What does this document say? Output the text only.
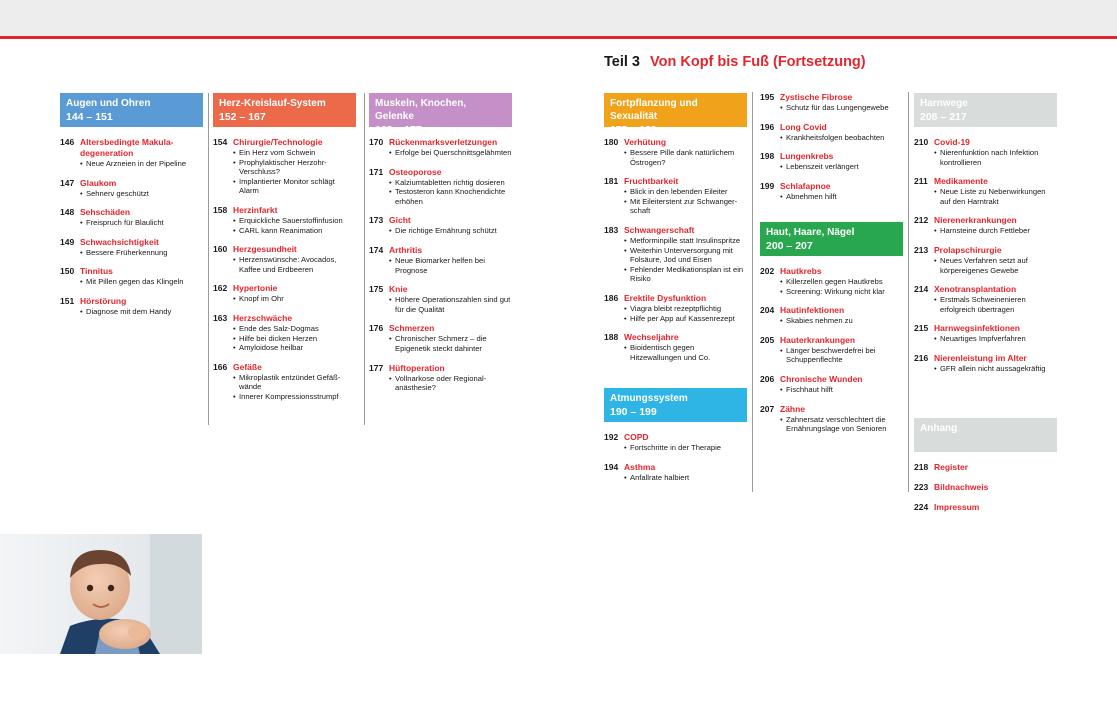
Teil 3 Von Kopf bis Fuß (Fortsetzung)
Augen und Ohren
144 – 151
146 Altersbedingte Makula-degeneration
• Neue Arzneien in der Pipeline
147 Glaukom
• Sehnerv geschützt
148 Sehschäden
• Freispruch für Blaulicht
149 Schwachsichtigkeit
• Bessere Früherkennung
150 Tinnitus
• Mit Pillen gegen das Klingeln
151 Hörstörung
• Diagnose mit dem Handy
Herz-Kreislauf-System
152 – 167
154 Chirurgie/Technologie
• Ein Herz vom Schwein
• Prophylaktischer Herzohr-Verschluss?
• Implantierter Monitor schlägt Alarm
158 Herzinfarkt
• Erquickliche Sauerstoffinfusion
• CARL kann Reanimation
160 Herzgesundheit
• Herzenswünsche: Avocados, Kaffee und Erdbeeren
162 Hypertonie
• Knopf im Ohr
163 Herzschwäche
• Ende des Salz-Dogmas
• Hilfe bei dicken Herzen
• Amyloidose heilbar
166 Gefäße
• Mikroplastik entzündet Gefäß-wände
• Innerer Kompressionsstrumpf
Muskeln, Knochen, Gelenke
168 – 177
170 Rückenmarksverletzungen
• Erfolge bei Querschnittsgelähmten
171 Osteoporose
• Kalziumtabletten richtig dosieren
• Testosteron kann Knochendichte erhöhen
173 Gicht
• Die richtige Ernährung schützt
174 Arthritis
• Neue Biomarker helfen bei Prognose
175 Knie
• Höhere Operationszahlen sind gut für die Qualität
176 Schmerzen
• Chronischer Schmerz – die Epigenetik steckt dahinter
177 Hüftoperation
• Vollnarkose oder Regional-anästhesie?
Fortpflanzung und Sexualität
178 – 189
180 Verhütung
• Bessere Pille dank natürlichem Östrogen?
181 Fruchtbarkeit
• Blick in den lebenden Eileiter
• Mit Eileiterstent zur Schwanger-schaft
183 Schwangerschaft
• Metforminpille statt Insulinspritze
• Weiterhin Unterversorgung mit Folsäure, Jod und Eisen
• Fehlender Medikationsplan ist ein Risiko
186 Erektile Dysfunktion
• Viagra bleibt rezeptpflichtig
• Hilfe per App auf Kassenrezept
188 Wechseljahre
• Bioidentisch gegen Hitzewallungen und Co.
Atmungssystem
190 – 199
192 COPD
• Fortschritte in der Therapie
194 Asthma
• Anfallrate halbiert
195 Zystische Fibrose
• Schutz für das Lungengewebe
196 Long Covid
• Krankheitsfolgen beobachten
198 Lungenkrebs
• Lebenszeit verlängert
199 Schlafapnoe
• Abnehmen hilft
Haut, Haare, Nägel
200 – 207
202 Hautkrebs
• Killerzellen gegen Hautkrebs
• Screening: Wirkung nicht klar
204 Hautinfektionen
• Skabies nehmen zu
205 Hauterkrankungen
• Länger beschwerdefrei bei Schuppenflechte
206 Chronische Wunden
• Fischhaut hilft
207 Zähne
• Zahnersatz verschlechtert die Ernährungslage von Senioren
Harnwege
208 – 217
210 Covid-19
• Nierenfunktion nach Infektion kontrollieren
211 Medikamente
• Neue Liste zu Nebenwirkungen auf den Harntrakt
212 Nierenerkrankungen
• Harnsteine durch Fettleber
213 Prolapschirurgie
• Neues Verfahren setzt auf körpereigenes Gewebe
214 Xenotransplantation
• Erstmals Schweinenieren erfolgreich übertragen
215 Harnwegsinfektionen
• Neuartiges Impfverfahren
216 Nierenleistung im Alter
• GFR allein nicht aussagekräftig
Anhang
218 Register
223 Bildnachweis
224 Impressum
